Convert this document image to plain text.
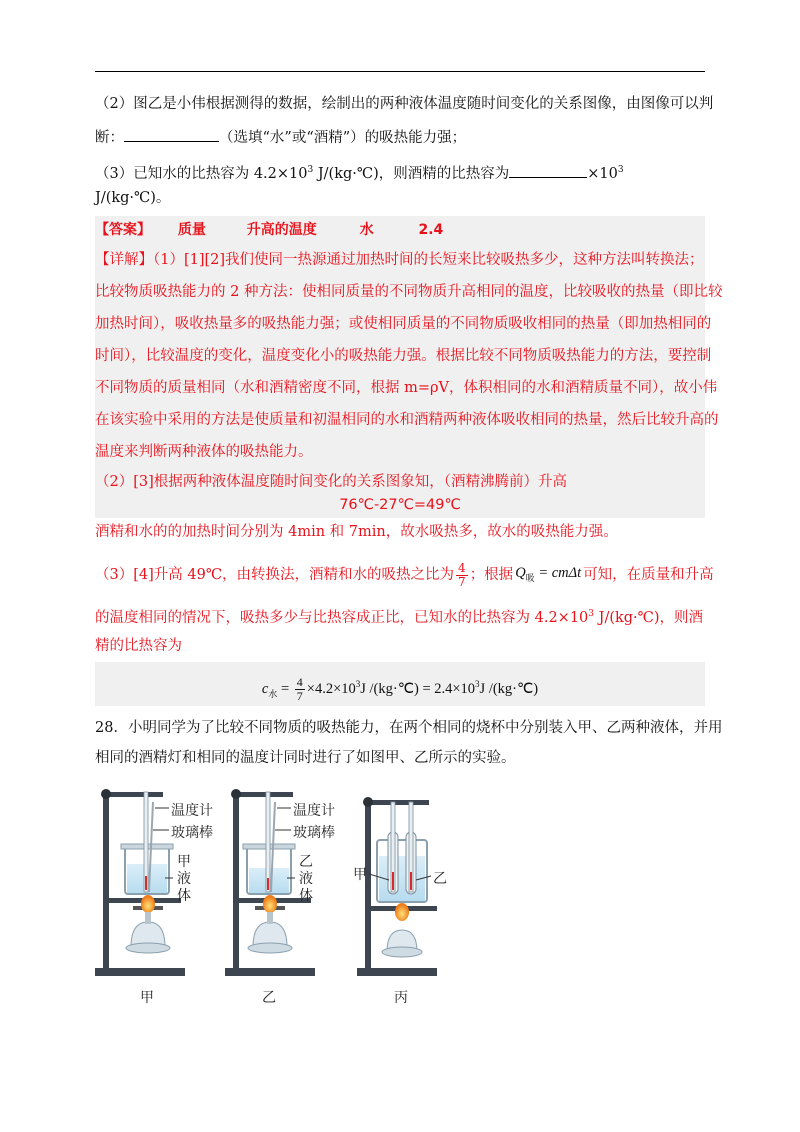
（2）图乙是小伟根据测得的数据，绘制出的两种液体温度随时间变化的关系图像，由图像可以判
断：	（选填“水”或“酒精”）的吸热能力强；
（3）已知水的比热容为 $4.2\times 10^3$ J/(kg·℃)，则酒精的比热容为	$\times 10^3$
J/(kg·℃)。
【答案】 质量	升高的温度	水	2.4
【详解】（1）[1][2]我们使同一热源通过加热时间的长短来比较吸热多少，这种方法叫转换法；
比较物质吸热能力的 2 种方法：使相同质量的不同物质升高相同的温度，比较吸收的热量（即比较
加热时间），吸收热量多的吸热能力强；或使相同质量的不同物质吸收相同的热量（即加热相同的
时间），比较温度的变化，温度变化小的吸热能力强。根据比较不同物质吸热能力的方法，要控制
不同物质的质量相同（水和酒精密度不同，根据 m=ρV，体积相同的水和酒精质量不同），故小伟
在该实验中采用的方法是使质量和初温相同的水和酒精两种液体吸收相同的热量，然后比较升高的
温度来判断两种液体的吸热能力。
（2）[3]根据两种液体温度随时间变化的关系图象知，（酒精沸腾前）升高
76℃-27℃=49℃
酒精和水的的加热时间分别为 4min 和 7min，故水吸热多，故水的吸热能力强。
（3）[4]升高 49℃，由转换法，酒精和水的吸热之比为 $\frac{4}{7}$ ；根据 $Q_吸 = cm\Delta t$ 可知，在质量和升高
的温度相同的情况下，吸热多少与比热容成正比，已知水的比热容为 $4.2\times 10^3$ J/(kg·℃)，则酒
精的比热容为
$c_水 = \frac{4}{7} \times 4.2\times 10^3J$ /(kg·℃) = $2.4\times 10^3J$ /(kg·℃)
28．小明同学为了比较不同物质的吸热能力，在两个相同的烧杯中分别装入甲、乙两种液体，并用
相同的酒精灯和相同的温度计同时进行了如图甲、乙所示的实验。
温度计
玻璃棒
甲液体
温度计
玻璃棒
乙液体
甲	乙
甲	乙	丙
